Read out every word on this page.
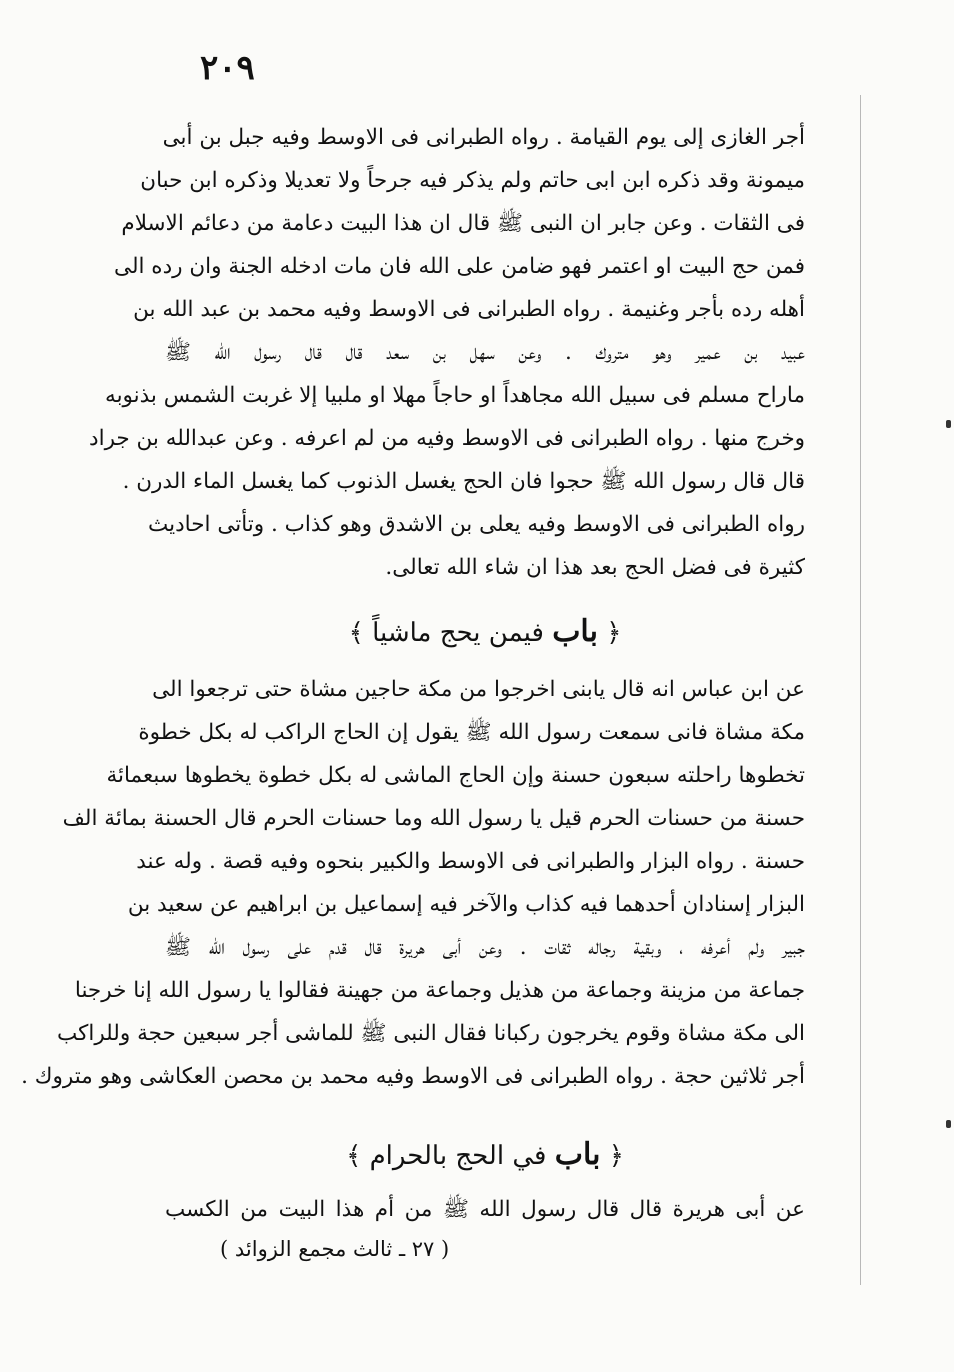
٢٠٩
أجر الغازى إلى يوم القيامة . رواه الطبرانى فى الاوسط وفيه جبل بن أبى
ميمونة وقد ذكره ابن ابى حاتم ولم يذكر فيه جرحاً ولا تعديلا وذكره ابن حبان
فى الثقات . وعن جابر ان النبى ﷺ قال ان هذا البيت دعامة من دعائم الاسلام
فمن حج البيت او اعتمر فهو ضامن على الله فان مات ادخله الجنة وان رده الى
أهله رده بأجر وغنيمة . رواه الطبرانى فى الاوسط وفيه محمد بن عبد الله بن
عبيد بن عمير وهو متروك . وعن سهل بن سعد قال قال رسول الله ﷺ
ماراح مسلم فى سبيل الله مجاهداً او حاجاً مهلا او ملبيا إلا غربت الشمس بذنوبه
وخرج منها . رواه الطبرانى فى الاوسط وفيه من لم اعرفه . وعن عبدالله بن جراد
قال قال رسول الله ﷺ حجوا فان الحج يغسل الذنوب كما يغسل الماء الدرن .
رواه الطبرانى فى الاوسط وفيه يعلى بن الاشدق وهو كذاب . وتأتى احاديث
كثيرة فى فضل الحج بعد هذا ان شاء الله تعالى.
﴿ باب فيمن يحج ماشياً ﴾
عن ابن عباس انه قال يابنى اخرجوا من مكة حاجين مشاة حتى ترجعوا الى
مكة مشاة فانى سمعت رسول الله ﷺ يقول إن الحاج الراكب له بكل خطوة
تخطوها راحلته سبعون حسنة وإن الحاج الماشى له بكل خطوة يخطوها سبعمائة
حسنة من حسنات الحرم قيل يا رسول الله وما حسنات الحرم قال الحسنة بمائة الف
حسنة . رواه البزار والطبرانى فى الاوسط والكبير بنحوه وفيه قصة . وله عند
البزار إسنادان أحدهما فيه كذاب والآخر فيه إسماعيل بن ابراهيم عن سعيد بن
جبير ولم أعرفه ، وبقية رجاله ثقات . وعن أبى هريرة قال قدم على رسول الله ﷺ
جماعة من مزينة وجماعة من هذيل وجماعة من جهينة فقالوا يا رسول الله إنا خرجنا
الى مكة مشاة وقوم يخرجون ركبانا فقال النبى ﷺ للماشى أجر سبعين حجة وللراكب
أجر ثلاثين حجة . رواه الطبرانى فى الاوسط وفيه محمد بن محصن العكاشى وهو متروك .
﴿ باب في الحج بالحرام ﴾
عن أبى هريرة قال قال رسول الله ﷺ من أم هذا البيت من الكسب
( ٢٧ ـ ثالث مجمع الزوائد )
